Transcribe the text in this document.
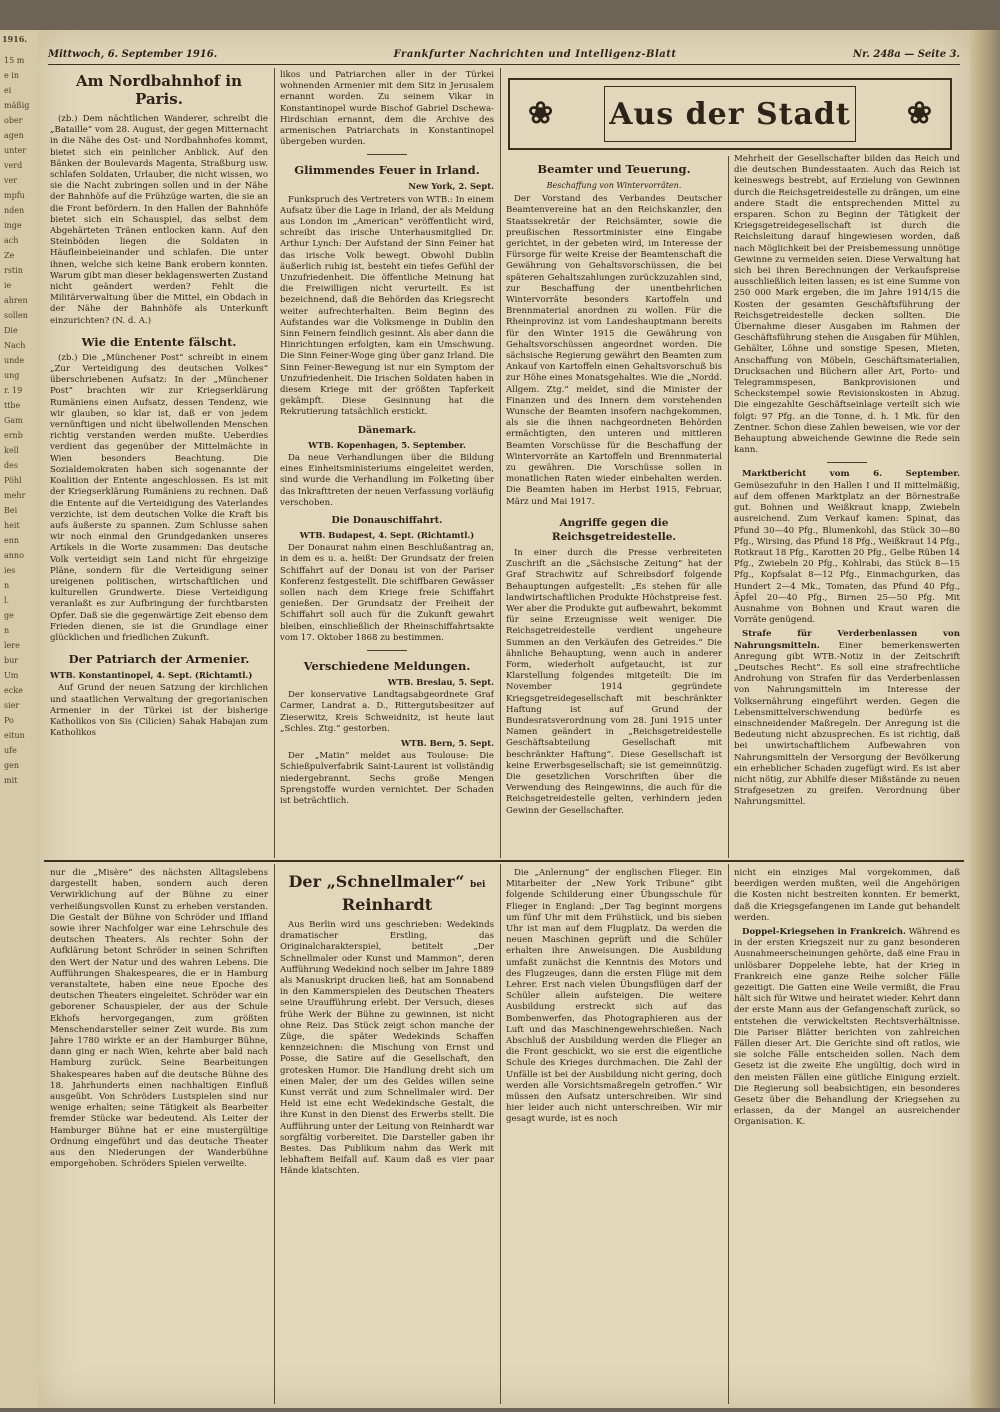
1916.
15 m
e in
ei
mäßig
ober
agen
unter
verd
ver
mpfu
nden
inge
ach
Ze
rstin
ie
ahren
sollen
Die
Nach
unde
ung
r. 19
ttbe
Gam
ernb
kell
des
Pöhl
mehr
Bei
heit
enn
anno
ies
n
l.
ge
n
lere
bur
Um
ecke
sier
Po
eitun
ufe
gen
mit
Mittwoch, 6. September 1916.	Frankfurter Nachrichten und Intelligenz-Blatt	Nr. 248a — Seite 3.
Am Nordbahnhof in Paris.

(zb.) Dem nächtlichen Wanderer, schreibt die „Bataille“ vom 28. August, der gegen Mitternacht in die Nähe des Ost- und Nordbahnhofes kommt, bietet sich ein peinlicher Anblick. Auf den Bänken der Boulevards Magenta, Straßburg usw. schlafen Soldaten, Urlauber, die nicht wissen, wo sie die Nacht zubringen sollen und in der Nähe der Bahnhöfe auf die Frühzüge warten, die sie an die Front befördern. In den Hallen der Bahnhöfe bietet sich ein Schauspiel, das selbst dem Abgehärteten Tränen entlocken kann. Auf den Steinböden liegen die Soldaten in Häufleinbeieinander und schlafen. Die unter ihnen, welche sich keine Bank erobern konnten. Warum gibt man dieser beklagenswerten Zustand nicht geändert werden? Fehlt die Militärverwaltung über die Mittel, ein Obdach in der Nähe der Bahnhöfe als Unterkunft einzurichten? (N. d. A.)

Wie die Entente fälscht.

(zb.) Die „Münchener Post“ schreibt in einem „Zur Verteidigung des deutschen Volkes“ überschriebenen Aufsatz: In der „Münchener Post“ brachten wir zur Kriegserklärung Rumäniens einen Aufsatz, dessen Tendenz, wie wir glauben, so klar ist, daß er von jedem vernünftigen und nicht übelwollenden Menschen richtig verstanden werden mußte. Ueberdies verdient das gegenüber der Mittelmächte in Wien besonders Beachtung. Die Sozialdemokraten haben sich sogenannte der Koalition der Entente angeschlossen. Es ist mit der Kriegserklärung Rumäniens zu rechnen. Daß die Entente auf die Verteidigung des Vaterlandes verzichte, ist dem deutschen Volke die Kraft bis aufs äußerste zu spannen. Zum Schlusse sahen wir noch einmal den Grundgedanken unseres Artikels in die Worte zusammen: Das deutsche Volk verteidigt sein Land nicht für ehrgeizige Pläne, sondern für die Verteidigung seiner ureigenen politischen, wirtschaftlichen und kulturellen Grundwerte. Diese Verteidigung veranlaßt es zur Aufbringung der furchtbarsten Opfer. Daß sie die gegenwärtige Zeit ebenso dem Frieden dienen, sie ist die Grundlage einer glücklichen und friedlichen Zukunft.

Der Patriarch der Armenier.
WTB. Konstantinopel, 4. Sept. (Richtamtl.)

Auf Grund der neuen Satzung der kirchlichen und staatlichen Verwaltung der gregorianischen Armenier in der Türkei ist der bisherige Katholikos von Sis (Cilicien) Sahak Habajan zum Katholikos

likos und Patriarchen aller in der Türkei wohnenden Armenier mit dem Sitz in Jerusalem ernannt worden. Zu seinem Vikar in Konstantinopel wurde Bischof Gabriel Dschewa-Hirdschian ernannt, dem die Archive des armenischen Patriarchats in Konstantinopel übergeben wurden.

Glimmendes Feuer in Irland.
New York, 2. Sept.

Funkspruch des Vertreters von WTB.: In einem Aufsatz über die Lage in Irland, der als Meldung aus London im „American“ veröffentlicht wird, schreibt das irische Unterhausmitglied Dr. Arthur Lynch: Der Aufstand der Sinn Feiner hat das irische Volk bewegt. Obwohl Dublin äußerlich ruhig ist, besteht ein tiefes Gefühl der Unzufriedenheit. Die öffentliche Meinung hat die Freiwilligen nicht verurteilt. Es ist bezeichnend, daß die Behörden das Kriegsrecht weiter aufrechterhalten. Beim Beginn des Aufstandes war die Volksmenge in Dublin den Sinn Feinern feindlich gesinnt. Als aber dann die Hinrichtungen erfolgten, kam ein Umschwung. Die Sinn Feiner-Woge ging über ganz Irland. Die Sinn Feiner-Bewegung ist nur ein Symptom der Unzufriedenheit. Die Irischen Soldaten haben in diesem Kriege mit der größten Tapferkeit gekämpft. Diese Gesinnung hat die Rekrutierung tatsächlich erstickt.

Dänemark.
WTB. Kopenhagen, 5. September.

Da neue Verhandlungen über die Bildung eines Einheitsministeriums eingeleitet werden, sind wurde die Verhandlung im Folketing über das Inkrafttreten der neuen Verfassung vorläufig verschoben.

Die Donauschiffahrt.
WTB. Budapest, 4. Sept. (Richtamtl.)

Der Donaurat nahm einen Beschlußantrag an, in dem es u. a. heißt: Der Grundsatz der freien Schiffahrt auf der Donau ist von der Pariser Konferenz festgestellt. Die schiffbaren Gewässer sollen nach dem Kriege freie Schiffahrt genießen. Der Grundsatz der Freiheit der Schiffahrt soll auch für die Zukunft gewahrt bleiben, einschließlich der Rheinschiffahrtsakte vom 17. Oktober 1868 zu bestimmen.

Verschiedene Meldungen.
WTB. Breslau, 5. Sept.

Der konservative Landtagsabgeordnete Graf Carmer, Landrat a. D., Rittergutsbesitzer auf Zieserwitz, Kreis Schweidnitz, ist heute laut „Schles. Ztg.“ gestorben.

WTB. Bern, 5. Sept.

Der „Matin“ meldet aus Toulouse: Die Schießpulverfabrik Saint-Laurent ist vollständig niedergebrannt. Sechs große Mengen Sprengstoffe wurden vernichtet. Der Schaden ist beträchtlich.

❀ Aus der Stadt ❀
Beamter und Teuerung.
Beschaffung von Wintervorräten.

Der Vorstand des Verbandes Deutscher Beamtenvereine hat an den Reichskanzler, den Staatssekretär der Reichsämter, sowie die preußischen Ressortminister eine Eingabe gerichtet, in der gebeten wird, im Interesse der Fürsorge für weite Kreise der Beamtenschaft die Gewährung von Gehaltsvorschüssen, die bei späteren Gehaltszahlungen zurückzuzahlen sind, zur Beschaffung der unentbehrlichen Wintervorräte besonders Kartoffeln und Brennmaterial anordnen zu wollen. Für die Rheinprovinz ist vom Landeshauptmann bereits für den Winter 1915 die Gewährung von Gehaltsvorschüssen angeordnet worden. Die sächsische Regierung gewährt den Beamten zum Ankauf von Kartoffeln einen Gehaltsvorschuß bis zur Höhe eines Monatsgehaltes. Wie die „Nordd. Allgem. Ztg.“ meldet, sind die Minister der Finanzen und des Innern dem vorstehenden Wunsche der Beamten insofern nachgekommen, als sie die ihnen nachgeordneten Behörden ermächtigten, den unteren und mittleren Beamten Vorschüsse für die Beschaffung der Wintervorräte an Kartoffeln und Brennmaterial zu gewähren. Die Vorschüsse sollen in monatlichen Raten wieder einbehalten werden. Die Beamten haben im Herbst 1915, Februar, März und Mai 1917.

Angriffe gegen die Reichsgetreidestelle.

In einer durch die Presse verbreiteten Zuschrift an die „Sächsische Zeitung“ hat der Graf Strachwitz auf Schreibsdorf folgende Behauptungen aufgestellt: „Es stehen für alle landwirtschaftlichen Produkte Höchstpreise fest. Wer aber die Produkte gut aufbewahrt, bekommt für seine Erzeugnisse weit weniger. Die Reichsgetreidestelle verdient ungeheure Summen an den Verkäufen des Getreides.“ Die ähnliche Behauptung, wenn auch in anderer Form, wiederholt aufgetaucht, ist zur Klarstellung folgendes mitgeteilt: Die im November 1914 gegründete Kriegsgetreidegesellschaft mit beschränkter Haftung ist auf Grund der Bundesratsverordnung vom 28. Juni 1915 unter Namen geändert in „Reichsgetreidestelle Geschäftsabteilung Gesellschaft mit beschränkter Haftung“. Diese Gesellschaft ist keine Erwerbsgesellschaft; sie ist gemeinnützig. Die gesetzlichen Vorschriften über die Verwendung des Reingewinns, die auch für die Reichsgetreidestelle gelten, verhindern jeden Gewinn der Gesellschafter.

Mehrheit der Gesellschafter bilden das Reich und die deutschen Bundesstaaten. Auch das Reich ist keineswegs bestrebt, auf Erzielung von Gewinnen durch die Reichsgetreidestelle zu drängen, um eine andere Stadt die entsprechenden Mittel zu ersparen. Schon zu Beginn der Tätigkeit der Kriegsgetreidegesellschaft ist durch die Reichsleitung darauf hingewiesen worden, daß nach Möglichkeit bei der Preisbemessung unnötige Gewinne zu vermeiden seien. Diese Verwaltung hat sich bei ihren Berechnungen der Verkaufspreise ausschließlich leiten lassen; es ist eine Summe von 250 000 Mark ergeben, die im Jahre 1914/15 die Kosten der gesamten Geschäftsführung der Reichsgetreidestelle decken sollten. Die Übernahme dieser Ausgaben im Rahmen der Geschäftsführung stehen die Ausgaben für Mühlen, Gehälter, Löhne und sonstige Spesen, Mieten, Anschaffung von Möbeln, Geschäftsmaterialien, Drucksachen und Büchern aller Art, Porto- und Telegrammspesen, Bankprovisionen und Scheckstempel sowie Revisionskosten in Abzug. Die eingezahlte Geschäftseinlage verteilt sich wie folgt: 97 Pfg. an die Tonne, d. h. 1 Mk. für den Zentner. Schon diese Zahlen beweisen, wie vor der Behauptung abweichende Gewinne die Rede sein kann.

Marktbericht vom 6. September. Gemüsezufuhr in den Hallen I und II mittelmäßig, auf dem offenen Marktplatz an der Börnestraße gut. Bohnen und Weißkraut knapp, Zwiebeln ausreichend. Zum Verkauf kamen: Spinat, das Pfund 30—40 Pfg., Blumenkohl, das Stück 30—80 Pfg., Wirsing, das Pfund 18 Pfg., Weißkraut 14 Pfg., Rotkraut 18 Pfg., Karotten 20 Pfg., Gelbe Rüben 14 Pfg., Zwiebeln 20 Pfg., Kohlrabi, das Stück 8—15 Pfg., Kopfsalat 8—12 Pfg., Einmachgurken, das Hundert 2—4 Mk., Tomaten, das Pfund 40 Pfg., Äpfel 20—40 Pfg., Birnen 25—50 Pfg. Mit Ausnahme von Bohnen und Kraut waren die Vorräte genügend.

Strafe für Verderbenlassen von Nahrungsmitteln. Einer bemerkenswerten Anregung gibt WTB.-Notiz in der Zeitschrift „Deutsches Recht“. Es soll eine strafrechtliche Androhung von Strafen für das Verderbenlassen von Nahrungsmitteln im Interesse der Volksernährung eingeführt werden. Gegen die Lebensmittelverschwendung bedürfe es einschneidender Maßregeln. Der Anregung ist die Bedeutung nicht abzusprechen. Es ist richtig, daß bei unwirtschaftlichem Aufbewahren von Nahrungsmitteln der Versorgung der Bevölkerung ein erheblicher Schaden zugefügt wird. Es ist aber nicht nötig, zur Abhilfe dieser Mißstände zu neuen Strafgesetzen zu greifen. Verordnung über Nahrungsmittel.

nur die „Misère“ des nächsten Alltagslebens dargestellt haben, sondern auch deren Verwirklichung auf der Bühne zu einer verheißungsvollen Kunst zu erheben verstanden. Die Gestalt der Bühne von Schröder und Iffland sowie ihrer Nachfolger war eine Lehrschule des deutschen Theaters. Als rechter Sohn der Aufklärung betont Schröder in seinen Schriften den Wert der Natur und des wahren Lebens. Die Aufführungen Shakespeares, die er in Hamburg veranstaltete, haben eine neue Epoche des deutschen Theaters eingeleitet. Schröder war ein geborener Schauspieler, der aus der Schule Ekhofs hervorgegangen, zum größten Menschendarsteller seiner Zeit wurde. Bis zum Jahre 1780 wirkte er an der Hamburger Bühne, dann ging er nach Wien, kehrte aber bald nach Hamburg zurück. Seine Bearbeitungen Shakespeares haben auf die deutsche Bühne des 18. Jahrhunderts einen nachhaltigen Einfluß ausgeübt. Von Schröders Lustspielen sind nur wenige erhalten; seine Tätigkeit als Bearbeiter fremder Stücke war bedeutend. Als Leiter der Hamburger Bühne hat er eine mustergültige Ordnung eingeführt und das deutsche Theater aus den Niederungen der Wanderbühne emporgehoben. Schröders Spielen verweilte.

Der „Schnellmaler“ bei Reinhardt

Aus Berlin wird uns geschrieben: Wedekinds dramatischer Erstling, das Originalcharakterspiel, betitelt „Der Schnellmaler oder Kunst und Mammon“, deren Aufführung Wedekind noch selber im Jahre 1889 als Manuskript drucken ließ, hat am Sonnabend in den Kammerspielen des Deutschen Theaters seine Uraufführung erlebt. Der Versuch, dieses frühe Werk der Bühne zu gewinnen, ist nicht ohne Reiz. Das Stück zeigt schon manche der Züge, die später Wedekinds Schaffen kennzeichnen: die Mischung von Ernst und Posse, die Satire auf die Gesellschaft, den grotesken Humor. Die Handlung dreht sich um einen Maler, der um des Geldes willen seine Kunst verrät und zum Schnellmaler wird. Der Held ist eine echt Wedekindsche Gestalt, die ihre Kunst in den Dienst des Erwerbs stellt. Die Aufführung unter der Leitung von Reinhardt war sorgfältig vorbereitet. Die Darsteller gaben ihr Bestes. Das Publikum nahm das Werk mit lebhaftem Beifall auf. Kaum daß es vier paar Hände klatschten.

Die „Anlernung“ der englischen Flieger. Ein Mitarbeiter der „New York Tribune“ gibt folgende Schilderung einer Übungsschule für Flieger in England: „Der Tag beginnt morgens um fünf Uhr mit dem Frühstück, und bis sieben Uhr ist man auf dem Flugplatz. Da werden die neuen Maschinen geprüft und die Schüler erhalten ihre Anweisungen. Die Ausbildung umfaßt zunächst die Kenntnis des Motors und des Flugzeuges, dann die ersten Flüge mit dem Lehrer. Erst nach vielen Übungsflügen darf der Schüler allein aufsteigen. Die weitere Ausbildung erstreckt sich auf das Bombenwerfen, das Photographieren aus der Luft und das Maschinengewehrschießen. Nach Abschluß der Ausbildung werden die Flieger an die Front geschickt, wo sie erst die eigentliche Schule des Krieges durchmachen. Die Zahl der Unfälle ist bei der Ausbildung nicht gering, doch werden alle Vorsichtsmaßregeln getroffen.“ Wir müssen den Aufsatz unterschreiben. Wir sind hier leider auch nicht unterschreiben. Wir mir gesagt wurde, ist es noch

nicht ein einziges Mal vorgekommen, daß beerdigen werden mußten, weil die Angehörigen die Kosten nicht bestreiten konnten. Er bemerkt, daß die Kriegsgefangenen im Lande gut behandelt werden.

Doppel-Kriegsehen in Frankreich. Während es in der ersten Kriegszeit nur zu ganz besonderen Ausnahmeerscheinungen gehörte, daß eine Frau in unlösbarer Doppelehe lebte, hat der Krieg in Frankreich eine ganze Reihe solcher Fälle gezeitigt. Die Gatten eine Weile vermißt, die Frau hält sich für Witwe und heiratet wieder. Kehrt dann der erste Mann aus der Gefangenschaft zurück, so entstehen die verwickeltsten Rechtsverhältnisse. Die Pariser Blätter berichten von zahlreichen Fällen dieser Art. Die Gerichte sind oft ratlos, wie sie solche Fälle entscheiden sollen. Nach dem Gesetz ist die zweite Ehe ungültig, doch wird in den meisten Fällen eine gütliche Einigung erzielt. Die Regierung soll beabsichtigen, ein besonderes Gesetz über die Behandlung der Kriegsehen zu erlassen, da der Mangel an ausreichender Organisation. K.
